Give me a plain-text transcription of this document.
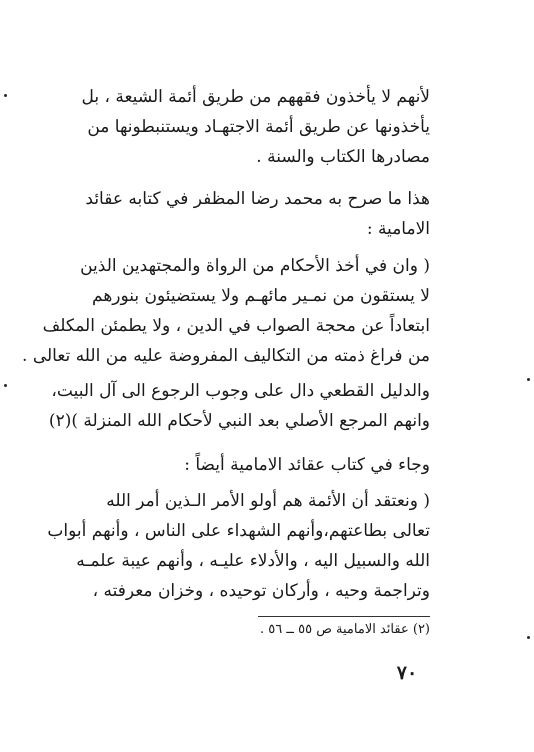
لأنهم لا يأخذون فقههم من طريق أئمة الشيعة ، بل
يأخذونها عن طريق أئمة الاجتهـاد ويستنبطونها من
مصادرها الكتاب والسنة .
هذا ما صرح به محمد رضا المظفر في كتابه عقائد
الامامية :
( وان في أخذ الأحكام من الرواة والمجتهدين الذين
لا يستقون من نمـير مائهـم ولا يستضيئون بنورهم
ابتعاداً عن محجة الصواب في الدين ، ولا يطمئن المكلف
من فراغ ذمته من التكاليف المفروضة عليه من الله تعالى .
والدليل القطعي دال على وجوب الرجوع الى آل البيت،
وانهم المرجع الأصلي بعد النبي لأحكام الله المنزلة )(٢)
وجاء في كتاب عقائد الامامية أيضاً :
( ونعتقد أن الأئمة هم أولو الأمر الـذين أمر الله
تعالى بطاعتهم،وأنهم الشهداء على الناس ، وأنهم أبواب
الله والسبيل اليه ، والأدلاء عليـه ، وأنهم عيبة علمـه
وتراجمة وحيه ، وأركان توحيده ، وخزان معرفته ،
(٢) عقائد الامامية ص ٥٥ ــ ٥٦ .
٧٠
